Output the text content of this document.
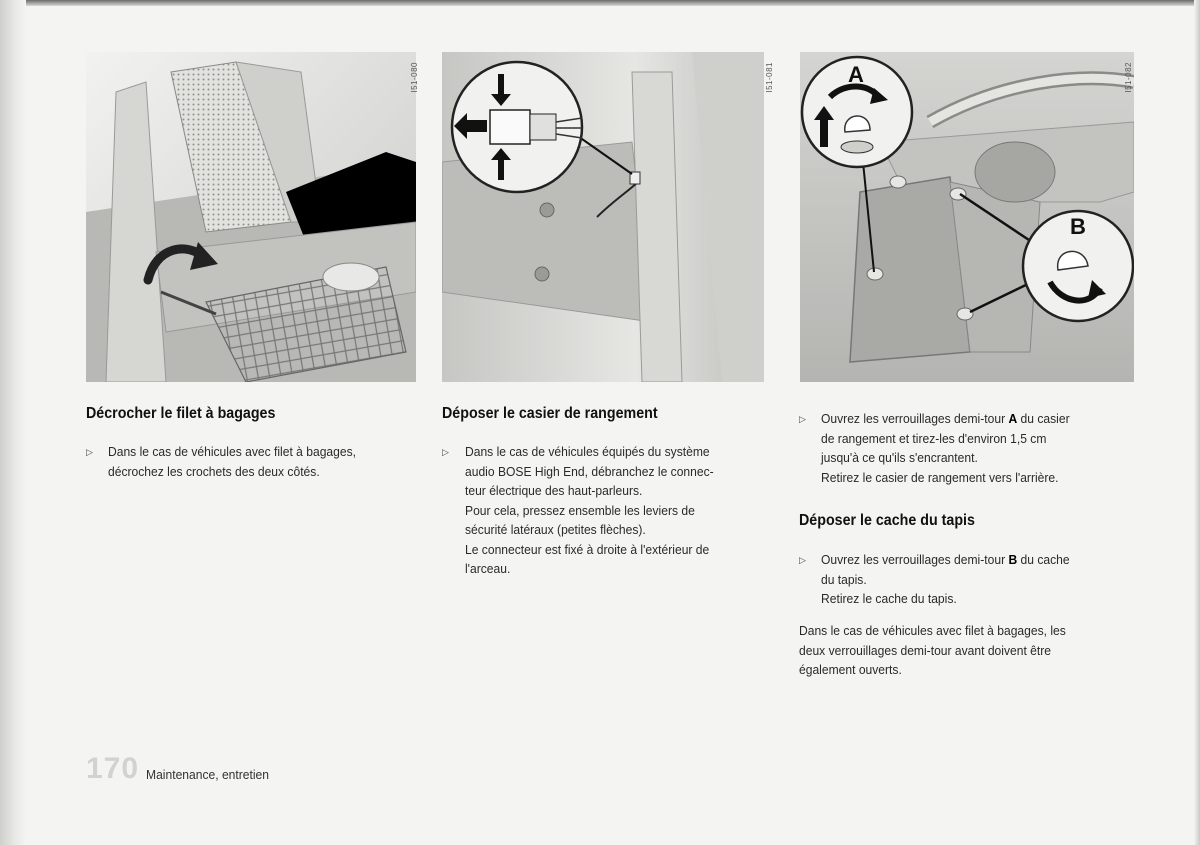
I51-080	I51-081	A
B
I51-082
Décrocher le filet à bagages
▷ Dans le cas de véhicules avec filet à bagages,
décrochez les crochets des deux côtés.
Déposer le casier de rangement
▷ Dans le cas de véhicules équipés du système
audio BOSE High End, débranchez le connec-
teur électrique des haut-parleurs.
Pour cela, pressez ensemble les leviers de
sécurité latéraux (petites flèches).
Le connecteur est fixé à droite à l'extérieur de
l'arceau.
▷ Ouvrez les verrouillages demi-tour A du casier
de rangement et tirez-les d'environ 1,5 cm
jusqu'à ce qu'ils s'encrantent.
Retirez le casier de rangement vers l'arrière.
Déposer le cache du tapis
▷ Ouvrez les verrouillages demi-tour B du cache
du tapis.
Retirez le cache du tapis.
Dans le cas de véhicules avec filet à bagages, les
deux verrouillages demi-tour avant doivent être
également ouverts.
170 Maintenance, entretien
